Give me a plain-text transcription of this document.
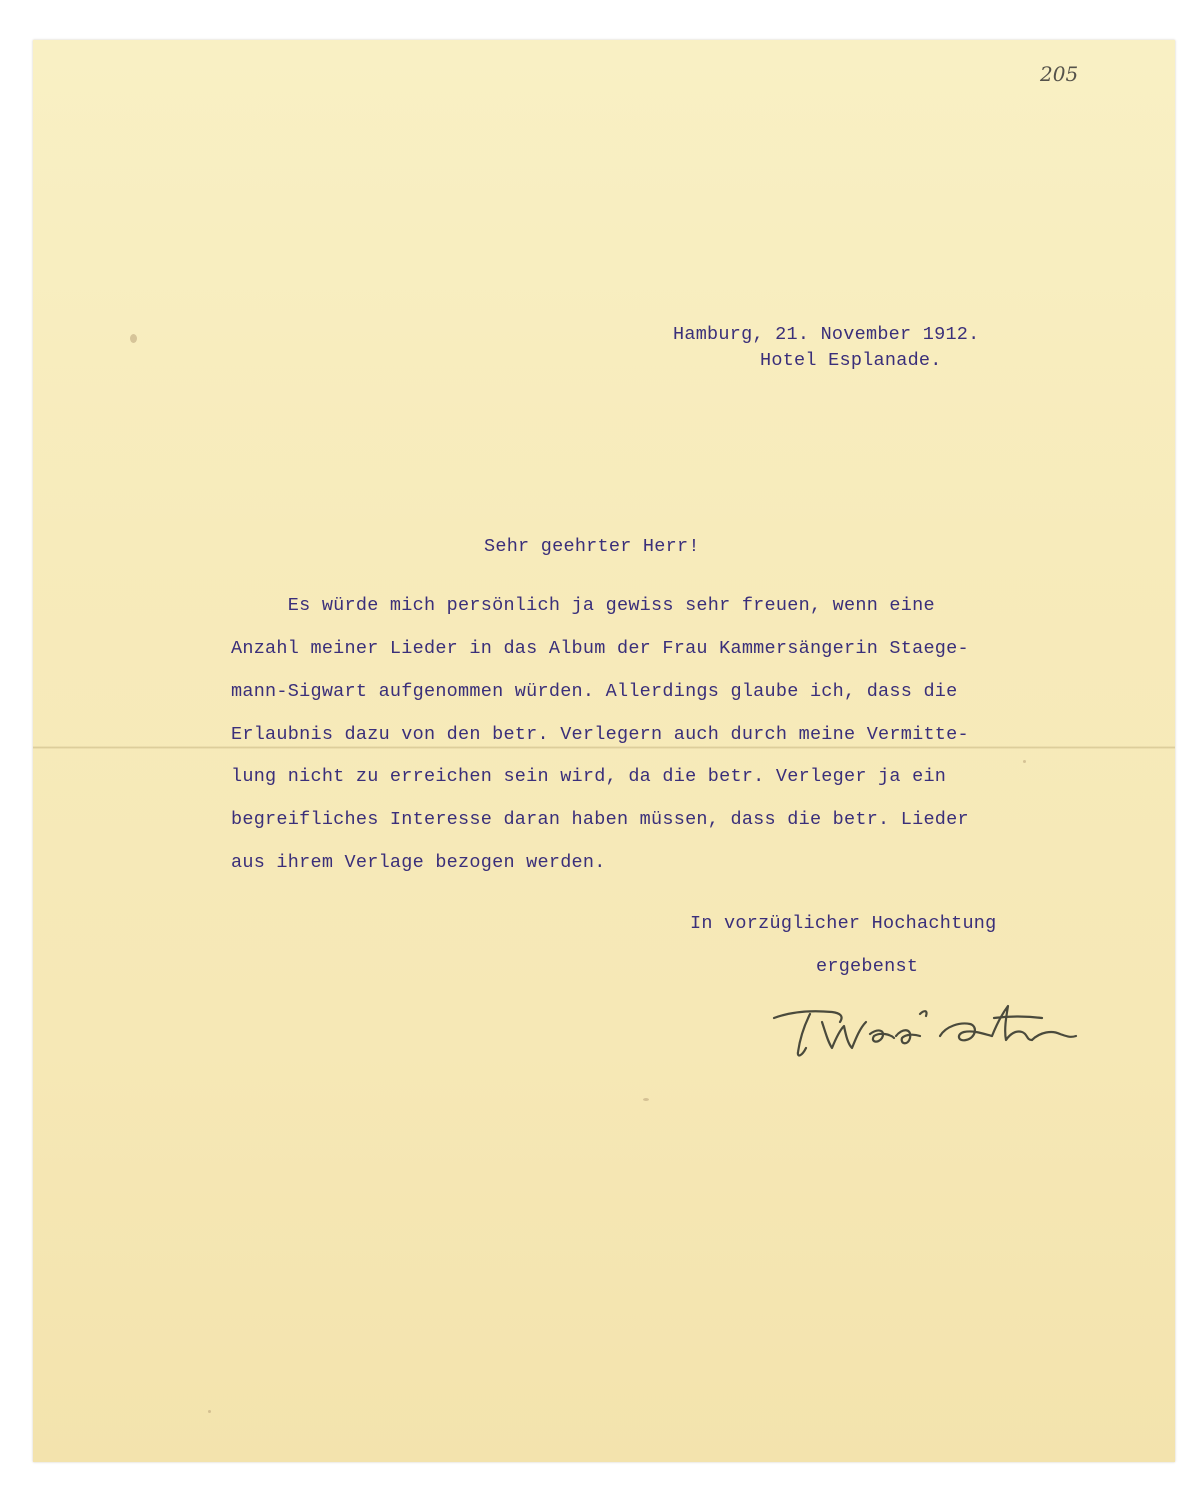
205
Hamburg, 21. November 1912.
Hotel Esplanade.
Sehr geehrter Herr!
Es würde mich persönlich ja gewiss sehr freuen, wenn eine
Anzahl meiner Lieder in das Album der Frau Kammersängerin Staege-
mann-Sigwart aufgenommen würden. Allerdings glaube ich, dass die
Erlaubnis dazu von den betr. Verlegern auch durch meine Vermitte-
lung nicht zu erreichen sein wird, da die betr. Verleger ja ein
begreifliches Interesse daran haben müssen, dass die betr. Lieder
aus ihrem Verlage bezogen werden.
In vorzüglicher Hochachtung
ergebenst
